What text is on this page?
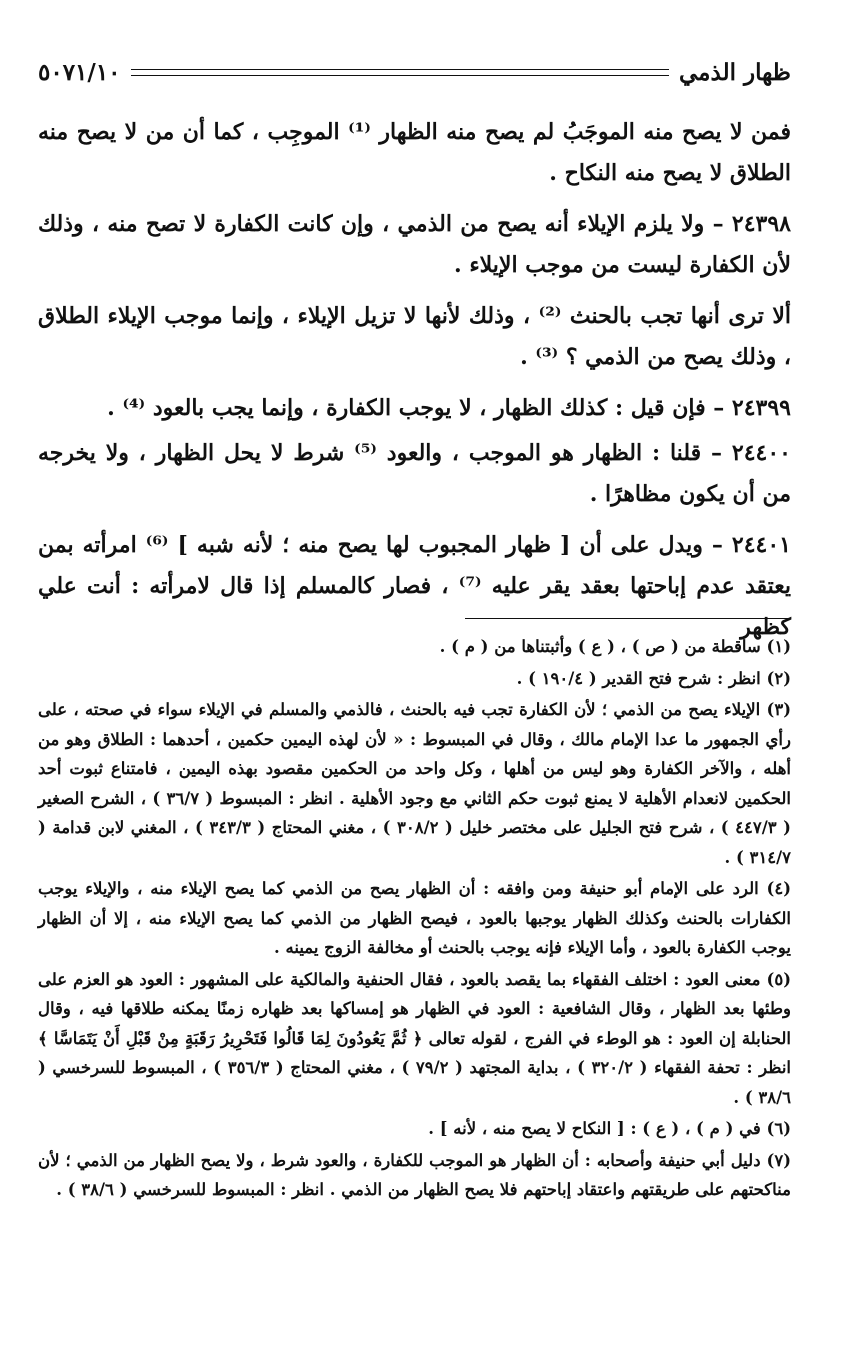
ظهار الذمي
٥٠٧١/١٠

فمن لا يصح منه الموجَبُ لم يصح منه الظهار ⁽¹⁾ الموجِب ، كما أن من لا يصح منه الطلاق لا يصح منه النكاح .

٢٤٣٩٨ – ولا يلزم الإيلاء أنه يصح من الذمي ، وإن كانت الكفارة لا تصح منه ، وذلك لأن الكفارة ليست من موجب الإيلاء .

ألا ترى أنها تجب بالحنث ⁽²⁾ ، وذلك لأنها لا تزيل الإيلاء ، وإنما موجب الإيلاء الطلاق ، وذلك يصح من الذمي ؟ ⁽³⁾ .

٢٤٣٩٩ – فإن قيل : كذلك الظهار ، لا يوجب الكفارة ، وإنما يجب بالعود ⁽⁴⁾ .

٢٤٤٠٠ – قلنا : الظهار هو الموجب ، والعود ⁽⁵⁾ شرط لا يحل الظهار ، ولا يخرجه من أن يكون مظاهرًا .

٢٤٤٠١ – ويدل على أن [ ظهار المجبوب لها يصح منه ؛ لأنه شبه ] ⁽⁶⁾ امرأته بمن يعتقد عدم إباحتها بعقد يقر عليه ⁽⁷⁾ ، فصار كالمسلم إذا قال لامرأته : أنت علي كظهر

(١) ساقطة من ( ص ) ، ( ع ) وأثبتناها من ( م ) .

(٢) انظر : شرح فتح القدير ( ١٩٠/٤ ) .

(٣) الإيلاء يصح من الذمي ؛ لأن الكفارة تجب فيه بالحنث ، فالذمي والمسلم في الإيلاء سواء في صحته ، على رأي الجمهور ما عدا الإمام مالك ، وقال في المبسوط : « لأن لهذه اليمين حكمين ، أحدهما : الطلاق وهو من أهله ، والآخر الكفارة وهو ليس من أهلها ، وكل واحد من الحكمين مقصود بهذه اليمين ، فامتناع ثبوت أحد الحكمين لانعدام الأهلية لا يمنع ثبوت حكم الثاني مع وجود الأهلية . انظر : المبسوط ( ٣٦/٧ ) ، الشرح الصغير ( ٤٤٧/٣ ) ، شرح فتح الجليل على مختصر خليل ( ٣٠٨/٢ ) ، مغني المحتاج ( ٣٤٣/٣ ) ، المغني لابن قدامة ( ٣١٤/٧ ) .

(٤) الرد على الإمام أبو حنيفة ومن وافقه : أن الظهار يصح من الذمي كما يصح الإيلاء منه ، والإيلاء يوجب الكفارات بالحنث وكذلك الظهار يوجبها بالعود ، فيصح الظهار من الذمي كما يصح الإيلاء منه ، إلا أن الظهار يوجب الكفارة بالعود ، وأما الإيلاء فإنه يوجب بالحنث أو مخالفة الزوج يمينه .

(٥) معنى العود : اختلف الفقهاء بما يقصد بالعود ، فقال الحنفية والمالكية على المشهور : العود هو العزم على وطئها بعد الظهار ، وقال الشافعية : العود في الظهار هو إمساكها بعد ظهاره زمنًا يمكنه طلاقها فيه ، وقال الحنابلة إن العود : هو الوطء في الفرج ، لقوله تعالى ﴿ ثُمَّ يَعُودُونَ لِمَا قَالُوا فَتَحْرِيرُ رَقَبَةٍ مِنْ قَبْلِ أَنْ يَتَمَاسَّا ﴾ انظر : تحفة الفقهاء ( ٣٢٠/٢ ) ، بداية المجتهد ( ٧٩/٢ ) ، مغني المحتاج ( ٣٥٦/٣ ) ، المبسوط للسرخسي ( ٣٨/٦ ) .

(٦) في ( م ) ، ( ع ) : [ النكاح لا يصح منه ، لأنه ] .

(٧) دليل أبي حنيفة وأصحابه : أن الظهار هو الموجب للكفارة ، والعود شرط ، ولا يصح الظهار من الذمي ؛ لأن مناكحتهم على طريقتهم واعتقاد إباحتهم فلا يصح الظهار من الذمي . انظر : المبسوط للسرخسي ( ٣٨/٦ ) .
